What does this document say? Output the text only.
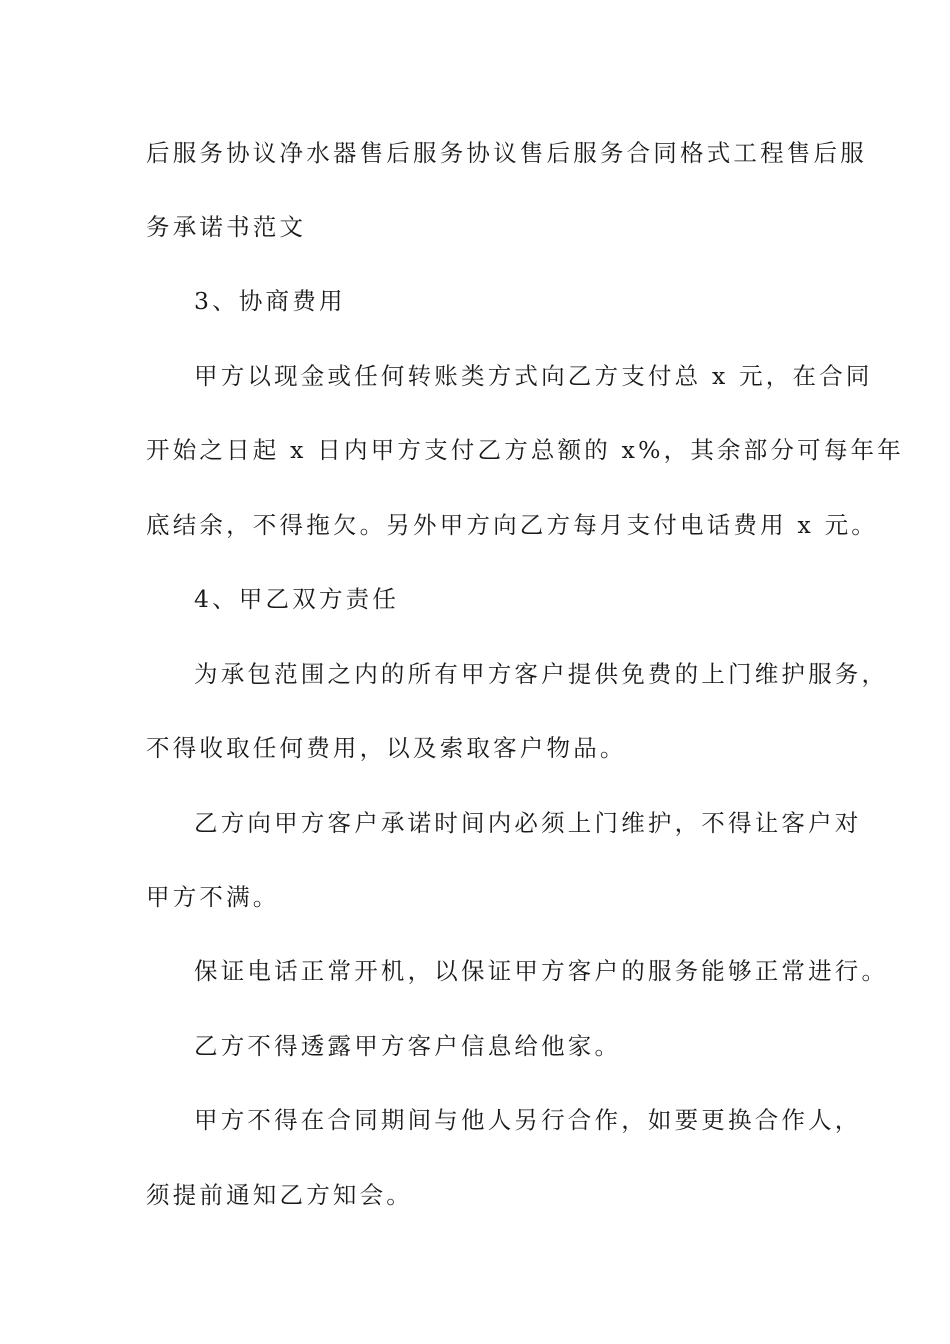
后服务协议净水器售后服务协议售后服务合同格式工程售后服
务承诺书范文
3、协商费用
甲方以现金或任何转账类方式向乙方支付总 x 元，在合同
开始之日起 x 日内甲方支付乙方总额的 x%，其余部分可每年年
底结余，不得拖欠。另外甲方向乙方每月支付电话费用 x 元。
4、甲乙双方责任
为承包范围之内的所有甲方客户提供免费的上门维护服务，
不得收取任何费用，以及索取客户物品。
乙方向甲方客户承诺时间内必须上门维护，不得让客户对
甲方不满。
保证电话正常开机，以保证甲方客户的服务能够正常进行。
乙方不得透露甲方客户信息给他家。
甲方不得在合同期间与他人另行合作，如要更换合作人，
须提前通知乙方知会。
